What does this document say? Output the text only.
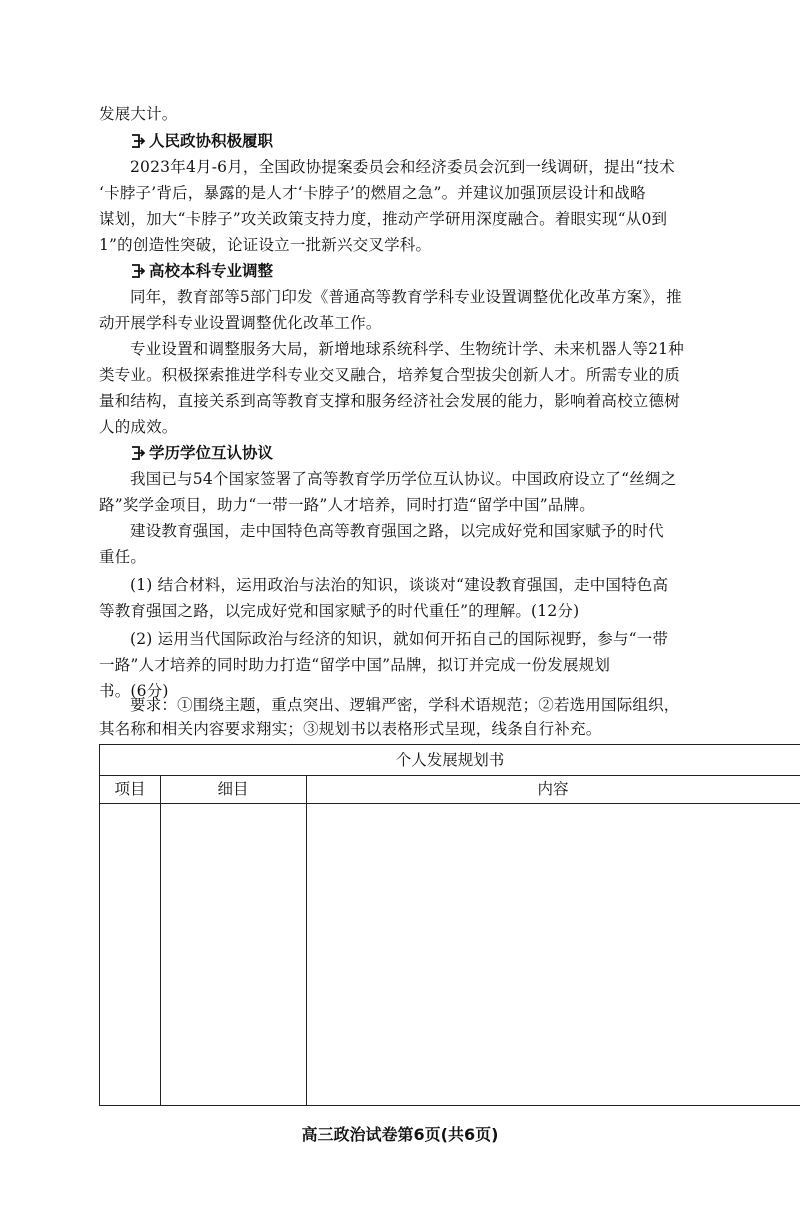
发展大计。
人民政协积极履职
2023年4月-6月，全国政协提案委员会和经济委员会沉到一线调研，提出“技术
‘卡脖子’背后，暴露的是人才‘卡脖子’的燃眉之急”。并建议加强顶层设计和战略
谋划，加大“卡脖子”攻关政策支持力度，推动产学研用深度融合。着眼实现“从0到
1”的创造性突破，论证设立一批新兴交叉学科。
高校本科专业调整
同年，教育部等5部门印发《普通高等教育学科专业设置调整优化改革方案》，推
动开展学科专业设置调整优化改革工作。
专业设置和调整服务大局，新增地球系统科学、生物统计学、未来机器人等21种
类专业。积极探索推进学科专业交叉融合，培养复合型拔尖创新人才。所需专业的质
量和结构，直接关系到高等教育支撑和服务经济社会发展的能力，影响着高校立德树
人的成效。
学历学位互认协议
我国已与54个国家签署了高等教育学历学位互认协议。中国政府设立了“丝绸之
路”奖学金项目，助力“一带一路”人才培养，同时打造“留学中国”品牌。
建设教育强国，走中国特色高等教育强国之路，以完成好党和国家赋予的时代
重任。
(1) 结合材料，运用政治与法治的知识，谈谈对“建设教育强国，走中国特色高
等教育强国之路，以完成好党和国家赋予的时代重任”的理解。(12分)
(2) 运用当代国际政治与经济的知识，就如何开拓自己的国际视野，参与“一带
一路”人才培养的同时助力打造“留学中国”品牌，拟订并完成一份发展规划
书。(6分)
要求：①围绕主题，重点突出、逻辑严密，学科术语规范；②若选用国际组织，
其名称和相关内容要求翔实；③规划书以表格形式呈现，线条自行补充。
个人发展规划书
项目	细目	内容
高三政治试卷第6页(共6页)
